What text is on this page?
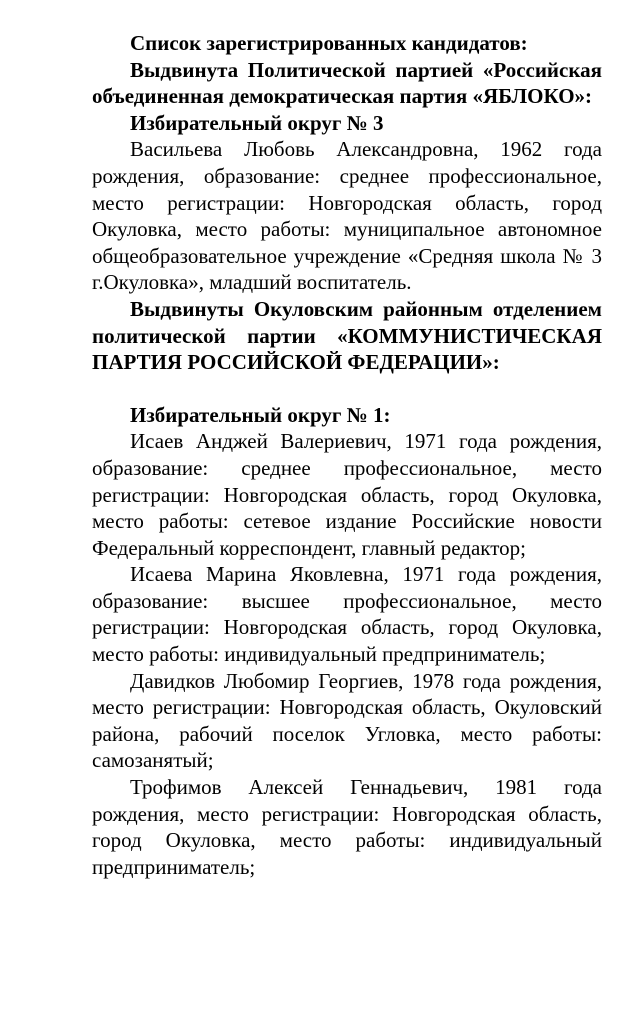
Список зарегистрированных кандидатов:

Выдвинута Политической партией «Российская объединенная демократическая партия «ЯБЛОКО»:

Избирательный округ № 3

Васильева Любовь Александровна, 1962 года рождения, образование: среднее профессиональное, место регистрации: Новгородская область, город Окуловка, место работы: муниципальное автономное общеобразовательное учреждение «Средняя школа № 3 г.Окуловка», младший воспитатель.

Выдвинуты Окуловским районным отделением политической партии «КОММУНИСТИЧЕСКАЯ ПАРТИЯ РОССИЙСКОЙ ФЕДЕРАЦИИ»:

Избирательный округ № 1:

Исаев Анджей Валериевич, 1971 года рождения, образование: среднее профессиональное, место регистрации: Новгородская область, город Окуловка, место работы: сетевое издание Российские новости Федеральный корреспондент, главный редактор;

Исаева Марина Яковлевна, 1971 года рождения, образование: высшее профессиональное, место регистрации: Новгородская область, город Окуловка, место работы: индивидуальный предприниматель;

Давидков Любомир Георгиев, 1978 года рождения, место регистрации: Новгородская область, Окуловский района, рабочий поселок Угловка, место работы: самозанятый;

Трофимов Алексей Геннадьевич, 1981 года рождения, место регистрации: Новгородская область, город Окуловка, место работы: индивидуальный предприниматель;
